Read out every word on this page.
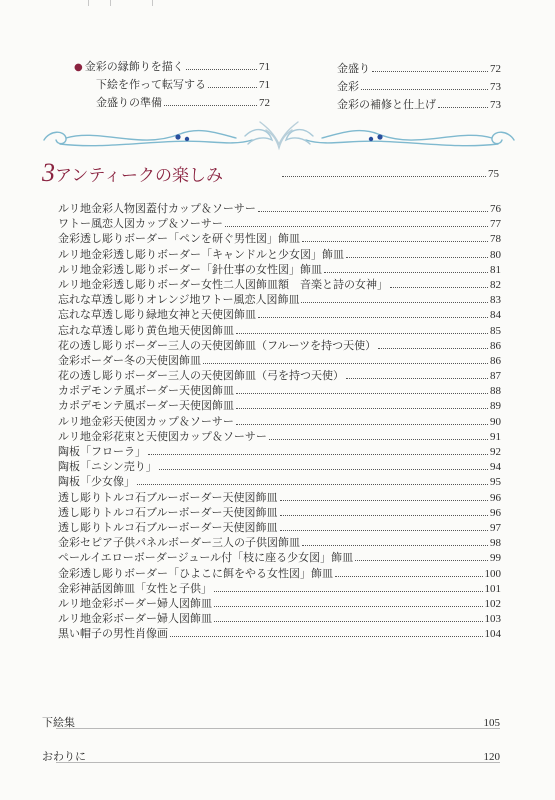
● 金彩の縁飾りを描く	71
下絵を作って転写する	71
金盛りの準備	72
金盛り	72
金彩	73
金彩の補修と仕上げ	73
3アンティークの楽しみ	75
ルリ地金彩人物図蓋付カップ＆ソーサー	76
ワトー風恋人図カップ＆ソーサー	77
金彩透し彫りボーダー「ペンを研ぐ男性図」飾皿	78
ルリ地金彩透し彫りボーダー「キャンドルと少女図」飾皿	80
ルリ地金彩透し彫りボーダー「針仕事の女性図」飾皿	81
ルリ地金彩透し彫りボーダー女性二人図飾皿額　音楽と詩の女神」	82
忘れな草透し彫りオレンジ地ワトー風恋人図飾皿	83
忘れな草透し彫り緑地女神と天使図飾皿	84
忘れな草透し彫り黄色地天使図飾皿	85
花の透し彫りボーダー三人の天使図飾皿（フルーツを持つ天使）	86
金彩ボーダー冬の天使図飾皿	86
花の透し彫りボーダー三人の天使図飾皿（弓を持つ天使）	87
カポデモンテ風ボーダー天使図飾皿	88
カポデモンテ風ボーダー天使図飾皿	89
ルリ地金彩天使図カップ＆ソーサー	90
ルリ地金彩花束と天使図カップ＆ソーサー	91
陶板「フローラ」	92
陶板「ニシン売り」	94
陶板「少女像」	95
透し彫りトルコ石ブルーボーダー天使図飾皿	96
透し彫りトルコ石ブルーボーダー天使図飾皿	96
透し彫りトルコ石ブルーボーダー天使図飾皿	97
金彩セピア子供パネルボーダー三人の子供図飾皿	98
ペールイエローボーダージュール付「枝に座る少女図」飾皿	99
金彩透し彫りボーダー「ひよこに餌をやる女性図」飾皿	100
金彩神話図飾皿「女性と子供」	101
ルリ地金彩ボーダー婦人図飾皿	102
ルリ地金彩ボーダー婦人図飾皿	103
黒い帽子の男性肖像画	104
下絵集	105
おわりに	120
